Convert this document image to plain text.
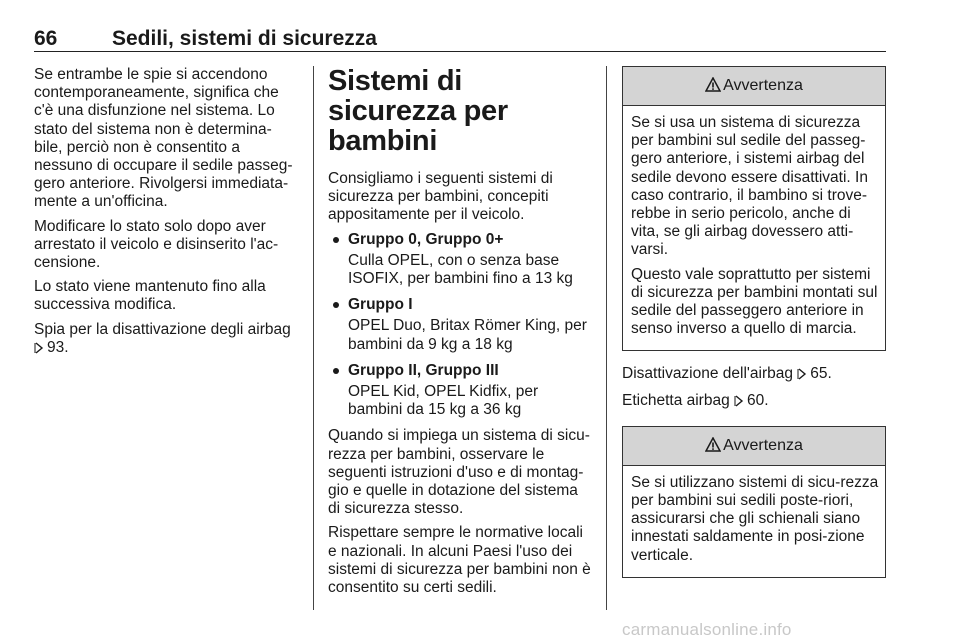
66	Sedili, sistemi di sicurezza

Se entrambe le spie si accendono contemporaneamente, significa che c'è una disfunzione nel sistema. Lo stato del sistema non è determina-bile, perciò non è consentito a nessuno di occupare il sedile passeg-gero anteriore. Rivolgersi immediata-mente a un'officina.

Modificare lo stato solo dopo aver arrestato il veicolo e disinserito l'ac-censione.

Lo stato viene mantenuto fino alla successiva modifica.

Spia per la disattivazione degli airbag 93.

Sistemi di sicurezza per bambini

Consigliamo i seguenti sistemi di sicurezza per bambini, concepiti appositamente per il veicolo.

Gruppo 0, Gruppo 0+
Culla OPEL, con o senza base ISOFIX, per bambini fino a 13 kg
Gruppo I
OPEL Duo, Britax Römer King, per bambini da 9 kg a 18 kg
Gruppo II, Gruppo III
OPEL Kid, OPEL Kidfix, per bambini da 15 kg a 36 kg

Quando si impiega un sistema di sicu-rezza per bambini, osservare le seguenti istruzioni d'uso e di montag-gio e quelle in dotazione del sistema di sicurezza stesso.

Rispettare sempre le normative locali e nazionali. In alcuni Paesi l'uso dei sistemi di sicurezza per bambini non è consentito su certi sedili.

Avvertenza

Se si usa un sistema di sicurezza per bambini sul sedile del passeg-gero anteriore, i sistemi airbag del sedile devono essere disattivati. In caso contrario, il bambino si trove-rebbe in serio pericolo, anche di vita, se gli airbag dovessero atti-varsi.

Questo vale soprattutto per sistemi di sicurezza per bambini montati sul sedile del passeggero anteriore in senso inverso a quello di marcia.

Disattivazione dell'airbag 65.

Etichetta airbag 60.

Avvertenza

Se si utilizzano sistemi di sicu-rezza per bambini sui sedili poste-riori, assicurarsi che gli schienali siano innestati saldamente in posi-zione verticale.

carmanualsonline.info
